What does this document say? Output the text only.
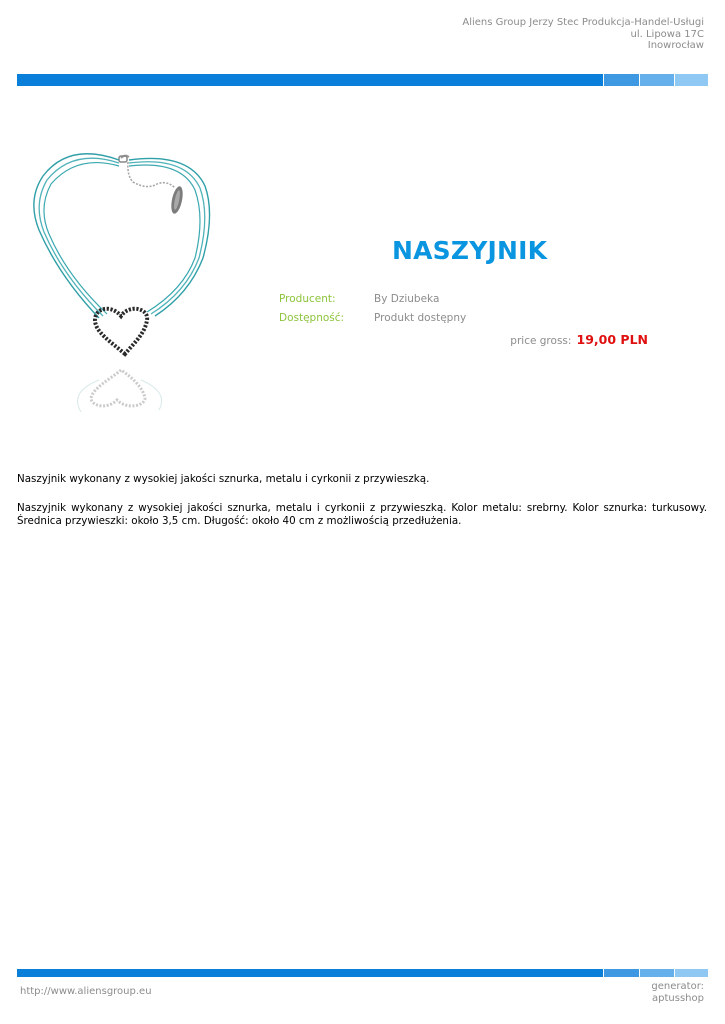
Aliens Group Jerzy Stec Produkcja-Handel-Usługi
ul. Lipowa 17C
Inowrocław
NASZYJNIK
Producent:	By Dziubeka
Dostępność:	Produkt dostępny
price gross: 19,00 PLN
Naszyjnik wykonany z wysokiej jakości sznurka, metalu i cyrkonii z przywieszką.
Naszyjnik wykonany z wysokiej jakości sznurka, metalu i cyrkonii z przywieszką. Kolor metalu: srebrny. Kolor sznurka: turkusowy. Średnica przywieszki: około 3,5 cm. Długość: około 40 cm z możliwością przedłużenia.
http://www.aliensgroup.eu	generator:
aptusshop
